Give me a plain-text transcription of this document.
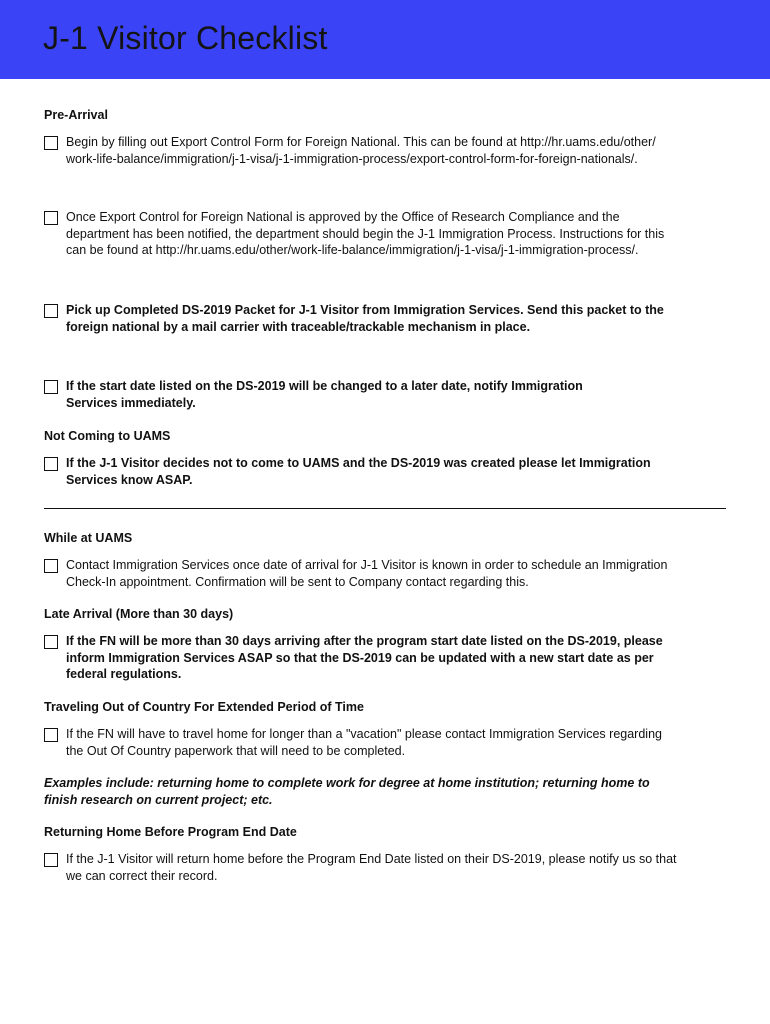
J-1 Visitor Checklist
Pre-Arrival
Begin by filling out Export Control Form for Foreign National. This can be found at http://hr.uams.edu/other/
work-life-balance/immigration/j-1-visa/j-1-immigration-process/export-control-form-for-foreign-nationals/.
Once Export Control for Foreign National is approved by the Office of Research Compliance and the
department has been notified, the department should begin the J-1 Immigration Process. Instructions for this
can be found at http://hr.uams.edu/other/work-life-balance/immigration/j-1-visa/j-1-immigration-process/.
Pick up Completed DS-2019 Packet for J-1 Visitor from Immigration Services. Send this packet to the
foreign national by a mail carrier with traceable/trackable mechanism in place.
If the start date listed on the DS-2019 will be changed to a later date, notify Immigration
Services immediately.
Not Coming to UAMS
If the J-1 Visitor decides not to come to UAMS and the DS-2019 was created please let Immigration
Services know ASAP.
While at UAMS
Contact Immigration Services once date of arrival for J-1 Visitor is known in order to schedule an Immigration
Check-In appointment. Confirmation will be sent to Company contact regarding this.
Late Arrival (More than 30 days)
If the FN will be more than 30 days arriving after the program start date listed on the DS-2019, please
inform Immigration Services ASAP so that the DS-2019 can be updated with a new start date as per
federal regulations.
Traveling Out of Country For Extended Period of Time
If the FN will have to travel home for longer than a "vacation" please contact Immigration Services regarding
the Out Of Country paperwork that will need to be completed.
Examples include: returning home to complete work for degree at home institution; returning home to
finish research on current project; etc.
Returning Home Before Program End Date
If the J-1 Visitor will return home before the Program End Date listed on their DS-2019, please notify us so that
we can correct their record.
